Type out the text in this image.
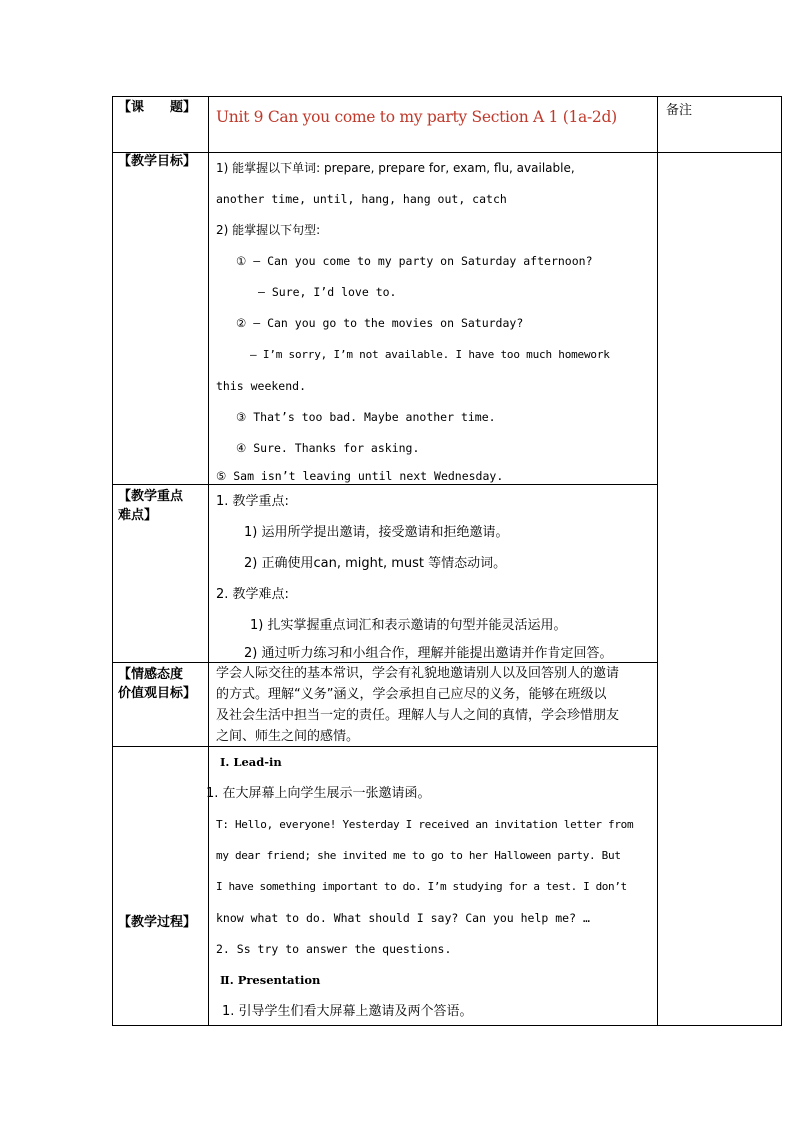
【课　　题】
Unit 9 Can you come to my party Section A 1 (1a-2d)	备注
【教学目标】 1) 能掌握以下单词: prepare, prepare for, exam, flu, available,
another time, until, hang, hang out, catch
2) 能掌握以下句型:
① — Can you come to my party on Saturday afternoon?
— Sure, I’d love to.
② — Can you go to the movies on Saturday?
— I’m sorry, I’m not available. I have too much homework
this weekend.
③ That’s too bad. Maybe another time.
④ Sure. Thanks for asking.
⑤ Sam isn’t leaving until next Wednesday.
【教学重点
难点】
1. 教学重点:
1) 运用所学提出邀请，接受邀请和拒绝邀请。
2) 正确使用can, might, must 等情态动词。
2. 教学难点:
1) 扎实掌握重点词汇和表示邀请的句型并能灵活运用。
2) 通过听力练习和小组合作，理解并能提出邀请并作肯定回答。
【情感态度
价值观目标】
学会人际交往的基本常识，学会有礼貌地邀请别人以及回答别人的邀请
的方式。理解“义务”涵义，学会承担自己应尽的义务，能够在班级以
及社会生活中担当一定的责任。理解人与人之间的真情，学会珍惜朋友
之间、师生之间的感情。
【教学过程】
Ⅰ. Lead-in
1. 在大屏幕上向学生展示一张邀请函。
T: Hello, everyone! Yesterday I received an invitation letter from
my dear friend; she invited me to go to her Halloween party. But
I have something important to do. I’m studying for a test. I don’t
know what to do. What should I say? Can you help me? …
2. Ss try to answer the questions.
Ⅱ. Presentation
1. 引导学生们看大屏幕上邀请及两个答语。
